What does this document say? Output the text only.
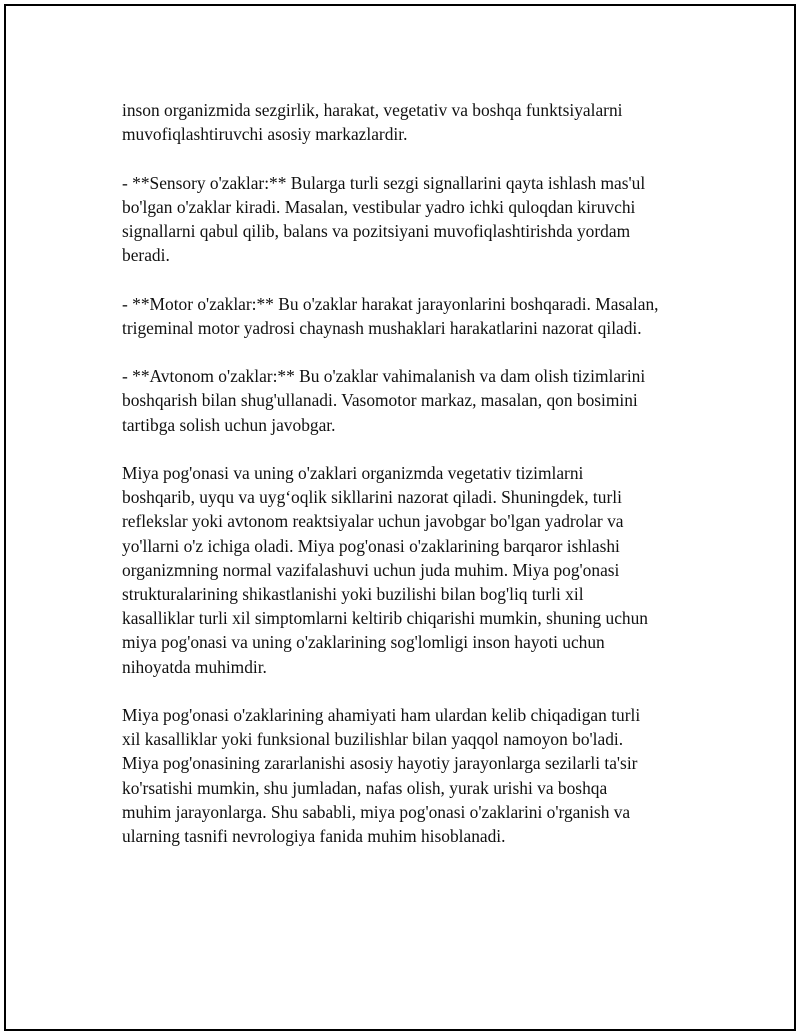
inson organizmida sezgirlik, harakat, vegetativ va boshqa funktsiyalarni
muvofiqlashtiruvchi asosiy markazlardir.

- **Sensory o'zaklar:** Bularga turli sezgi signallarini qayta ishlash mas'ul
bo'lgan o'zaklar kiradi. Masalan, vestibular yadro ichki quloqdan kiruvchi
signallarni qabul qilib, balans va pozitsiyani muvofiqlashtirishda yordam
beradi.

- **Motor o'zaklar:** Bu o'zaklar harakat jarayonlarini boshqaradi. Masalan,
trigeminal motor yadrosi chaynash mushaklari harakatlarini nazorat qiladi.

- **Avtonom o'zaklar:** Bu o'zaklar vahimalanish va dam olish tizimlarini
boshqarish bilan shug'ullanadi. Vasomotor markaz, masalan, qon bosimini
tartibga solish uchun javobgar.

Miya pog'onasi va uning o'zaklari organizmda vegetativ tizimlarni
boshqarib, uyqu va uyg‘oqlik sikllarini nazorat qiladi. Shuningdek, turli
reflekslar yoki avtonom reaktsiyalar uchun javobgar bo'lgan yadrolar va
yo'llarni o'z ichiga oladi. Miya pog'onasi o'zaklarining barqaror ishlashi
organizmning normal vazifalashuvi uchun juda muhim. Miya pog'onasi
strukturalarining shikastlanishi yoki buzilishi bilan bog'liq turli xil
kasalliklar turli xil simptomlarni keltirib chiqarishi mumkin, shuning uchun
miya pog'onasi va uning o'zaklarining sog'lomligi inson hayoti uchun
nihoyatda muhimdir.

Miya pog'onasi o'zaklarining ahamiyati ham ulardan kelib chiqadigan turli
xil kasalliklar yoki funksional buzilishlar bilan yaqqol namoyon bo'ladi.
Miya pog'onasining zararlanishi asosiy hayotiy jarayonlarga sezilarli ta'sir
ko'rsatishi mumkin, shu jumladan, nafas olish, yurak urishi va boshqa
muhim jarayonlarga. Shu sababli, miya pog'onasi o'zaklarini o'rganish va
ularning tasnifi nevrologiya fanida muhim hisoblanadi.
